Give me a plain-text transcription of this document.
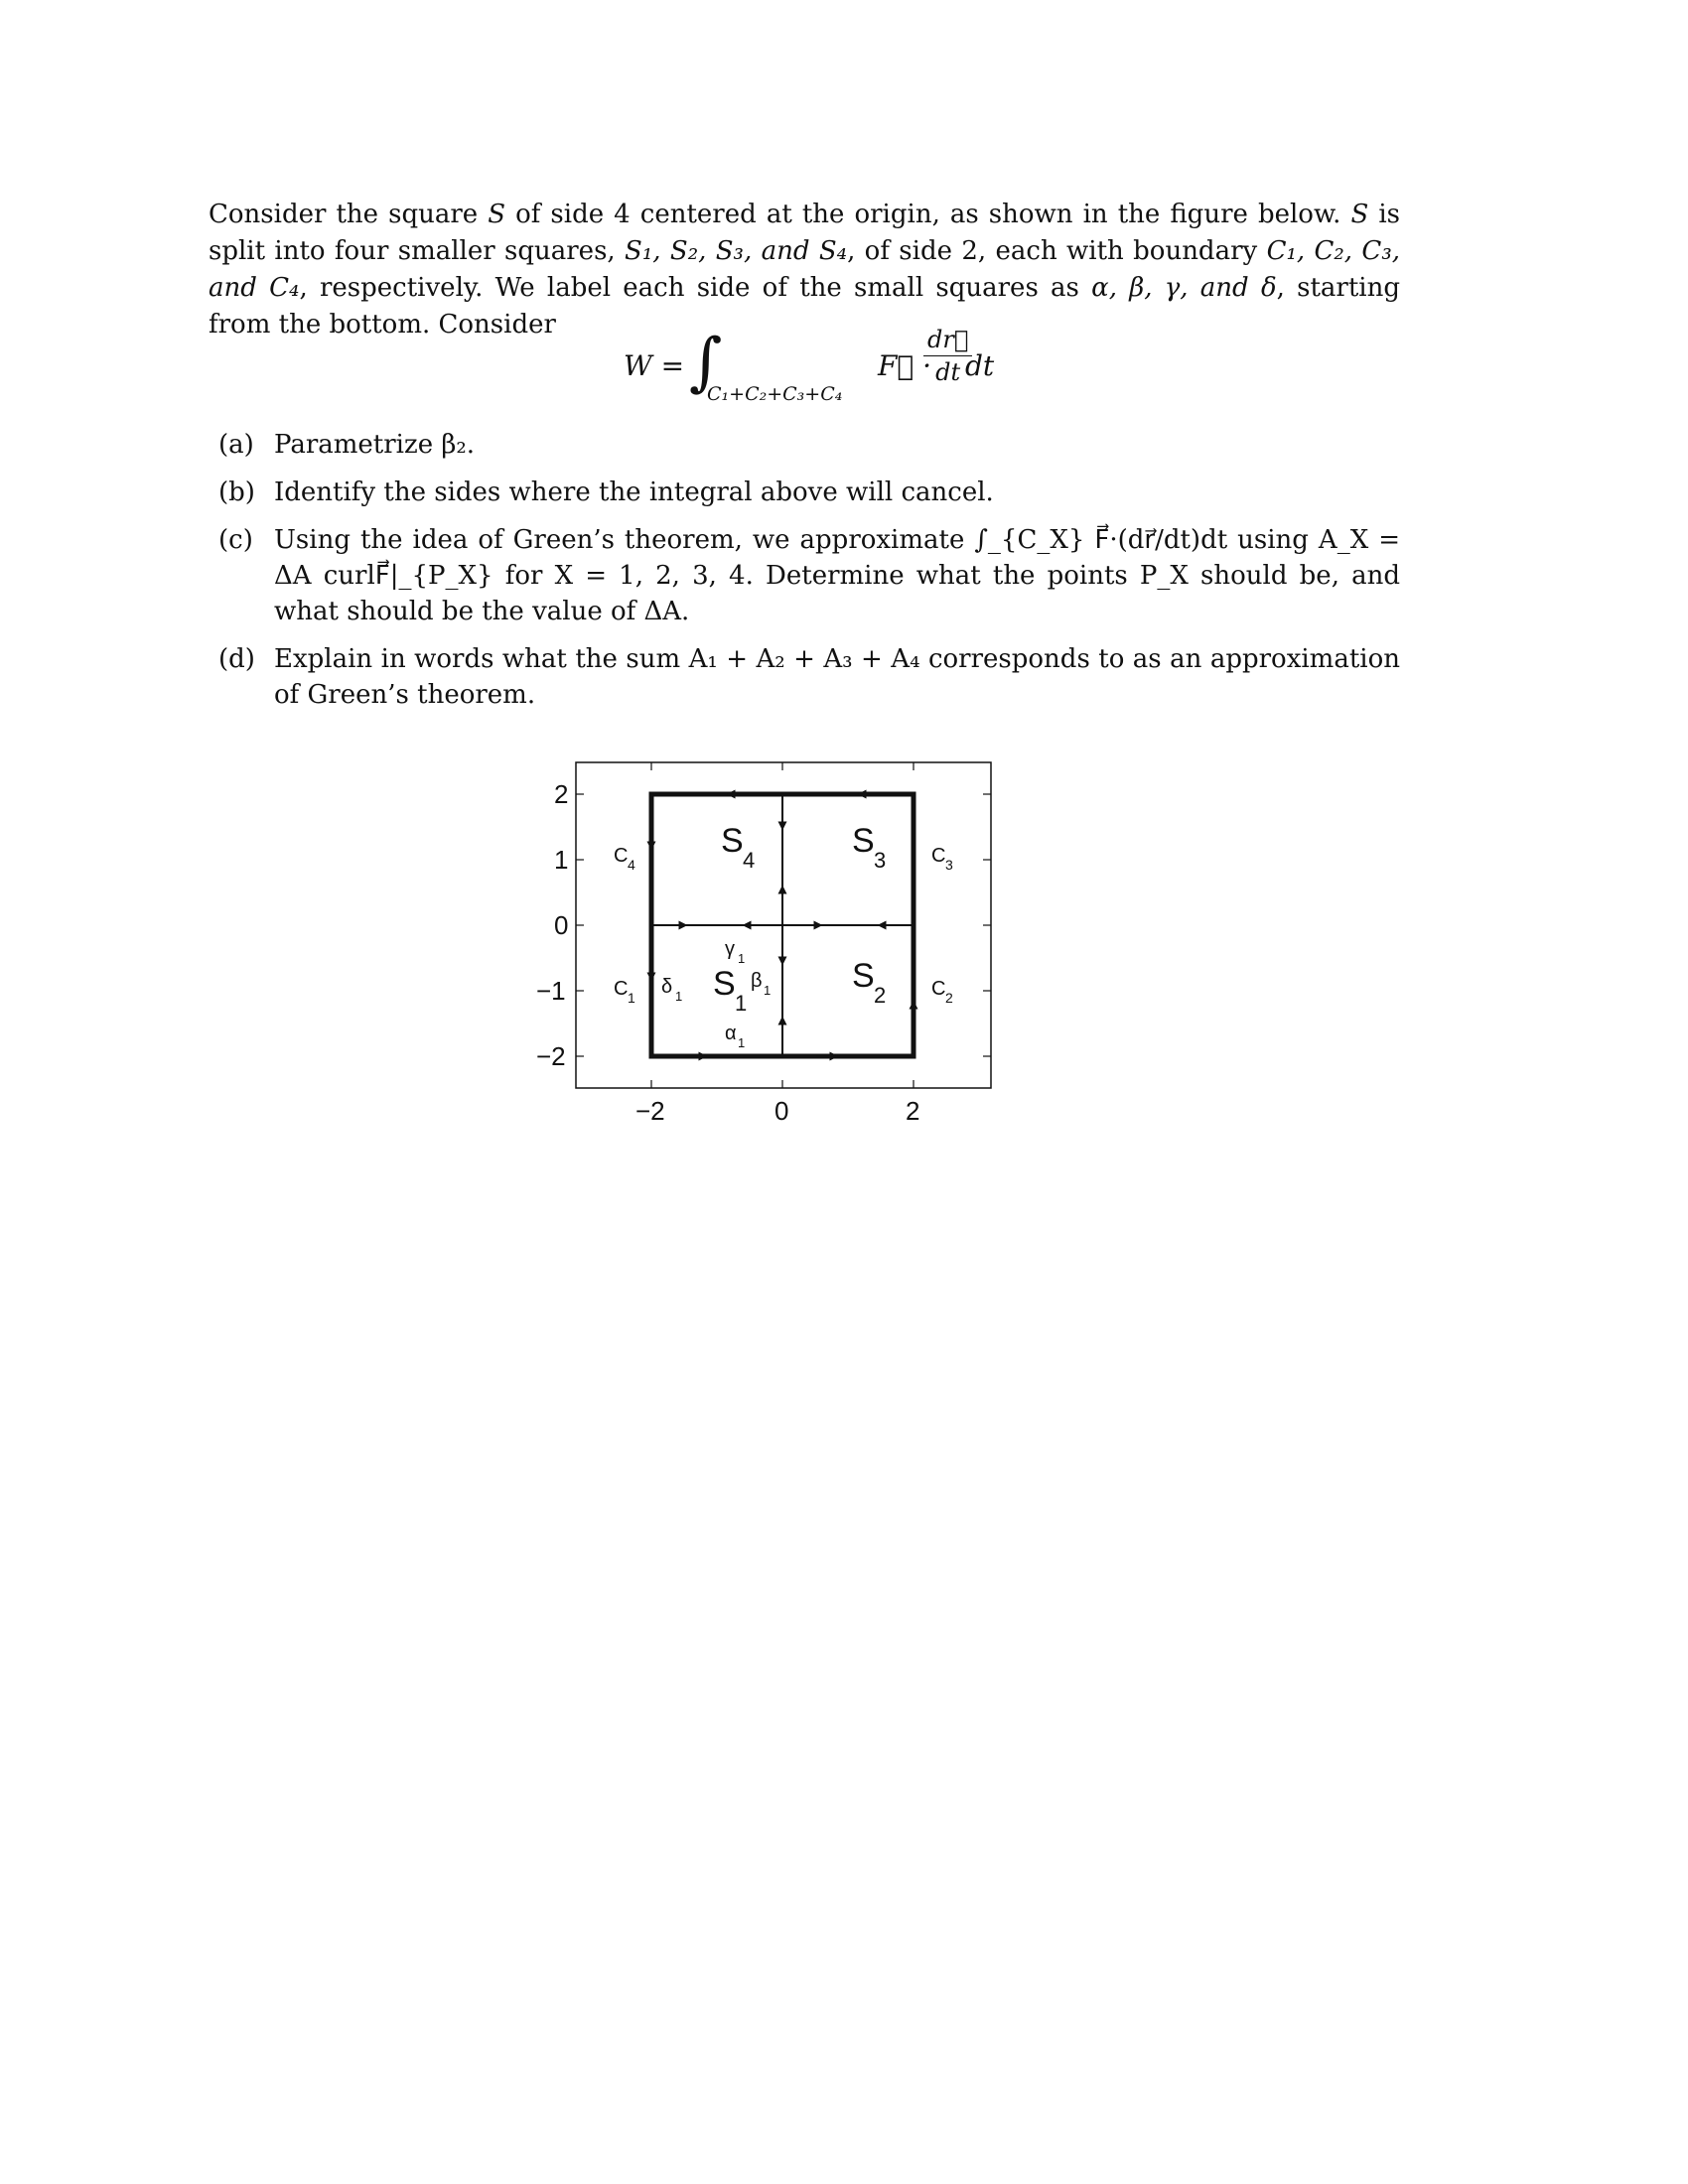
Consider the square S of side 4 centered at the origin, as shown in the figure below. S is split into four smaller squares, S₁, S₂, S₃, and S₄, of side 2, each with boundary C₁, C₂, C₃, and C₄, respectively. We label each side of the small squares as α, β, γ, and δ, starting from the bottom. Consider
W = ∫
C₁+C₂+C₃+C₄
F⃗ ·
$\frac{dr⃗}{dt}$
dt
(a) Parametrize β₂.
(b) Identify the sides where the integral above will cancel.
(c) Using the idea of Green’s theorem, we approximate ∫_{C_X} F⃗·(dr⃗/dt)dt using A_X = ΔA curlF⃗|_{P_X} for X = 1, 2, 3, 4. Determine what the points P_X should be, and what should be the value of ΔA.
(d) Explain in words what the sum A₁ + A₂ + A₃ + A₄ corresponds to as an approximation of Green’s theorem.
−2	0	2
2
1
0
−1
−2
S
4
S
3
S
1
S
2
C 4	C 3
C 1	C 2
δ 1
β 1
γ 1
α 1
